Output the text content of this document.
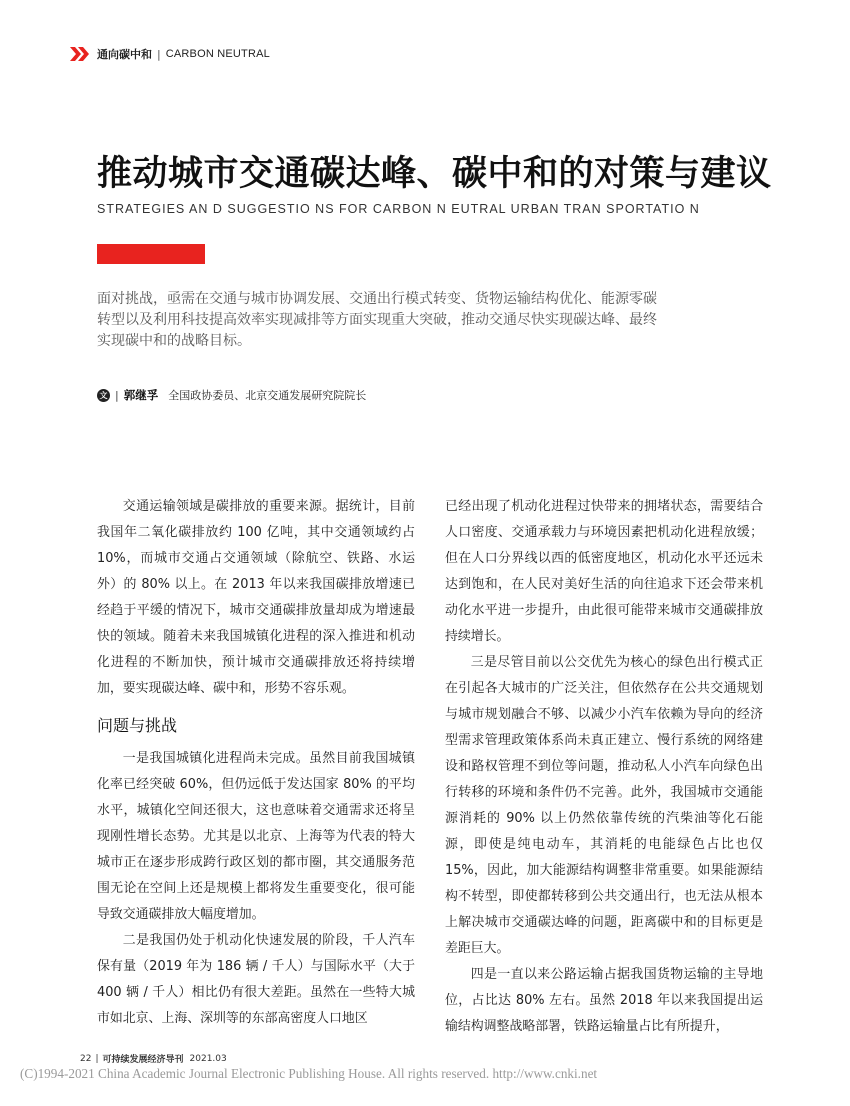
通向碳中和 | CARBON NEUTRAL
推动城市交通碳达峰、碳中和的对策与建议

STRATEGIES AN D SUGGESTIO NS FOR CARBON N EUTRAL URBAN TRAN SPORTATIO N

面对挑战，亟需在交通与城市协调发展、交通出行模式转变、货物运输结构优化、能源零碳转型以及利用科技提高效率实现减排等方面实现重大突破，推动交通尽快实现碳达峰、最终实现碳中和的战略目标。

文 | 郭继孚 全国政协委员、北京交通发展研究院院长

交通运输领域是碳排放的重要来源。据统计，目前我国年二氧化碳排放约 100 亿吨，其中交通领域约占 10%，而城市交通占交通领域（除航空、铁路、水运外）的 80% 以上。在 2013 年以来我国碳排放增速已经趋于平缓的情况下，城市交通碳排放量却成为增速最快的领域。随着未来我国城镇化进程的深入推进和机动化进程的不断加快，预计城市交通碳排放还将持续增加，要实现碳达峰、碳中和，形势不容乐观。

问题与挑战

一是我国城镇化进程尚未完成。虽然目前我国城镇化率已经突破 60%，但仍远低于发达国家 80% 的平均水平，城镇化空间还很大，这也意味着交通需求还将呈现刚性增长态势。尤其是以北京、上海等为代表的特大城市正在逐步形成跨行政区划的都市圈，其交通服务范围无论在空间上还是规模上都将发生重要变化，很可能导致交通碳排放大幅度增加。

二是我国仍处于机动化快速发展的阶段，千人汽车保有量（2019 年为 186 辆 / 千人）与国际水平（大于 400 辆 / 千人）相比仍有很大差距。虽然在一些特大城市如北京、上海、深圳等的东部高密度人口地区

已经出现了机动化进程过快带来的拥堵状态，需要结合人口密度、交通承载力与环境因素把机动化进程放缓；但在人口分界线以西的低密度地区，机动化水平还远未达到饱和，在人民对美好生活的向往追求下还会带来机动化水平进一步提升，由此很可能带来城市交通碳排放持续增长。

三是尽管目前以公交优先为核心的绿色出行模式正在引起各大城市的广泛关注，但依然存在公共交通规划与城市规划融合不够、以减少小汽车依赖为导向的经济型需求管理政策体系尚未真正建立、慢行系统的网络建设和路权管理不到位等问题，推动私人小汽车向绿色出行转移的环境和条件仍不完善。此外，我国城市交通能源消耗的 90% 以上仍然依靠传统的汽柴油等化石能源，即使是纯电动车，其消耗的电能绿色占比也仅 15%，因此，加大能源结构调整非常重要。如果能源结构不转型，即使都转移到公共交通出行，也无法从根本上解决城市交通碳达峰的问题，距离碳中和的目标更是差距巨大。

四是一直以来公路运输占据我国货物运输的主导地位，占比达 80% 左右。虽然 2018 年以来我国提出运输结构调整战略部署，铁路运输量占比有所提升，

22 | 可持续发展经济导刊 2021.03
(C)1994-2021 China Academic Journal Electronic Publishing House. All rights reserved. http://www.cnki.net
